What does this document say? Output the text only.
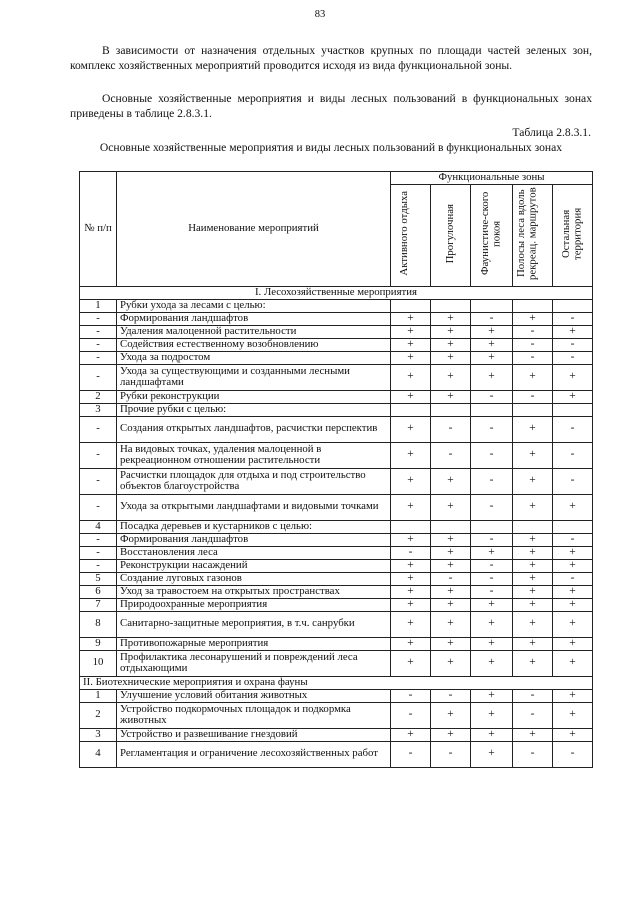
83

В зависимости от назначения отдельных участков крупных по площади частей зеленых зон, комплекс хозяйственных мероприятий проводится исходя из вида функциональной зоны.

Основные хозяйственные мероприятия и виды лесных пользований в функциональных зонах приведены в таблице 2.8.3.1.

Таблица 2.8.3.1.
Основные хозяйственные мероприятия и виды лесных пользований в функциональных зонах
№ п/п	Наименование мероприятий	Функциональные зоны				
		Активного отдыха	Прогулочная	Фаунистиче-ского покоя	Полосы леса вдоль рекреац. маршрутов	Остальная территория
I. Лесохозяйственные мероприятия						
1	Рубки ухода за лесами с целью:					
-	Формирования ландшафтов	+	+	-	+	-
-	Удаления малоценной растительности	+	+	+	-	+
-	Содействия естественному возобновлению	+	+	+	-	-
-	Ухода за подростом	+	+	+	-	-
-	Ухода за существующими и созданными лесными ландшафтами	+	+	+	+	+
2	Рубки реконструкции	+	+	-	-	+
3	Прочие рубки с целью:					
-	Создания открытых ландшафтов, расчистки перспектив	+	-	-	+	-
-	На видовых точках, удаления малоценной в рекреационном отношении растительности	+	-	-	+	-
-	Расчистки площадок для отдыха и под строительство объектов благоустройства	+	+	-	+	-
-	Ухода за открытыми ландшафтами и видовыми точками	+	+	-	+	+
4	Посадка деревьев и кустарников с целью:					
-	Формирования ландшафтов	+	+	-	+	-
-	Восстановления леса	-	+	+	+	+
-	Реконструкции насаждений	+	+	-	+	+
5	Создание луговых газонов	+	-	-	+	-
6	Уход за травостоем на открытых пространствах	+	+	-	+	+
7	Природоохранные мероприятия	+	+	+	+	+
8	Санитарно-защитные мероприятия, в т.ч. санрубки	+	+	+	+	+
9	Противопожарные мероприятия	+	+	+	+	+
10	Профилактика лесонарушений и повреждений леса отдыхающими	+	+	+	+	+
II. Биотехнические мероприятия и охрана фауны						
1	Улучшение условий обитания животных	-	-	+	-	+
2	Устройство подкормочных площадок и подкормка животных	-	+	+	-	+
3	Устройство и развешивание гнездовий	+	+	+	+	+
4	Регламентация и ограничение лесохозяйственных работ	-	-	+	-	-
